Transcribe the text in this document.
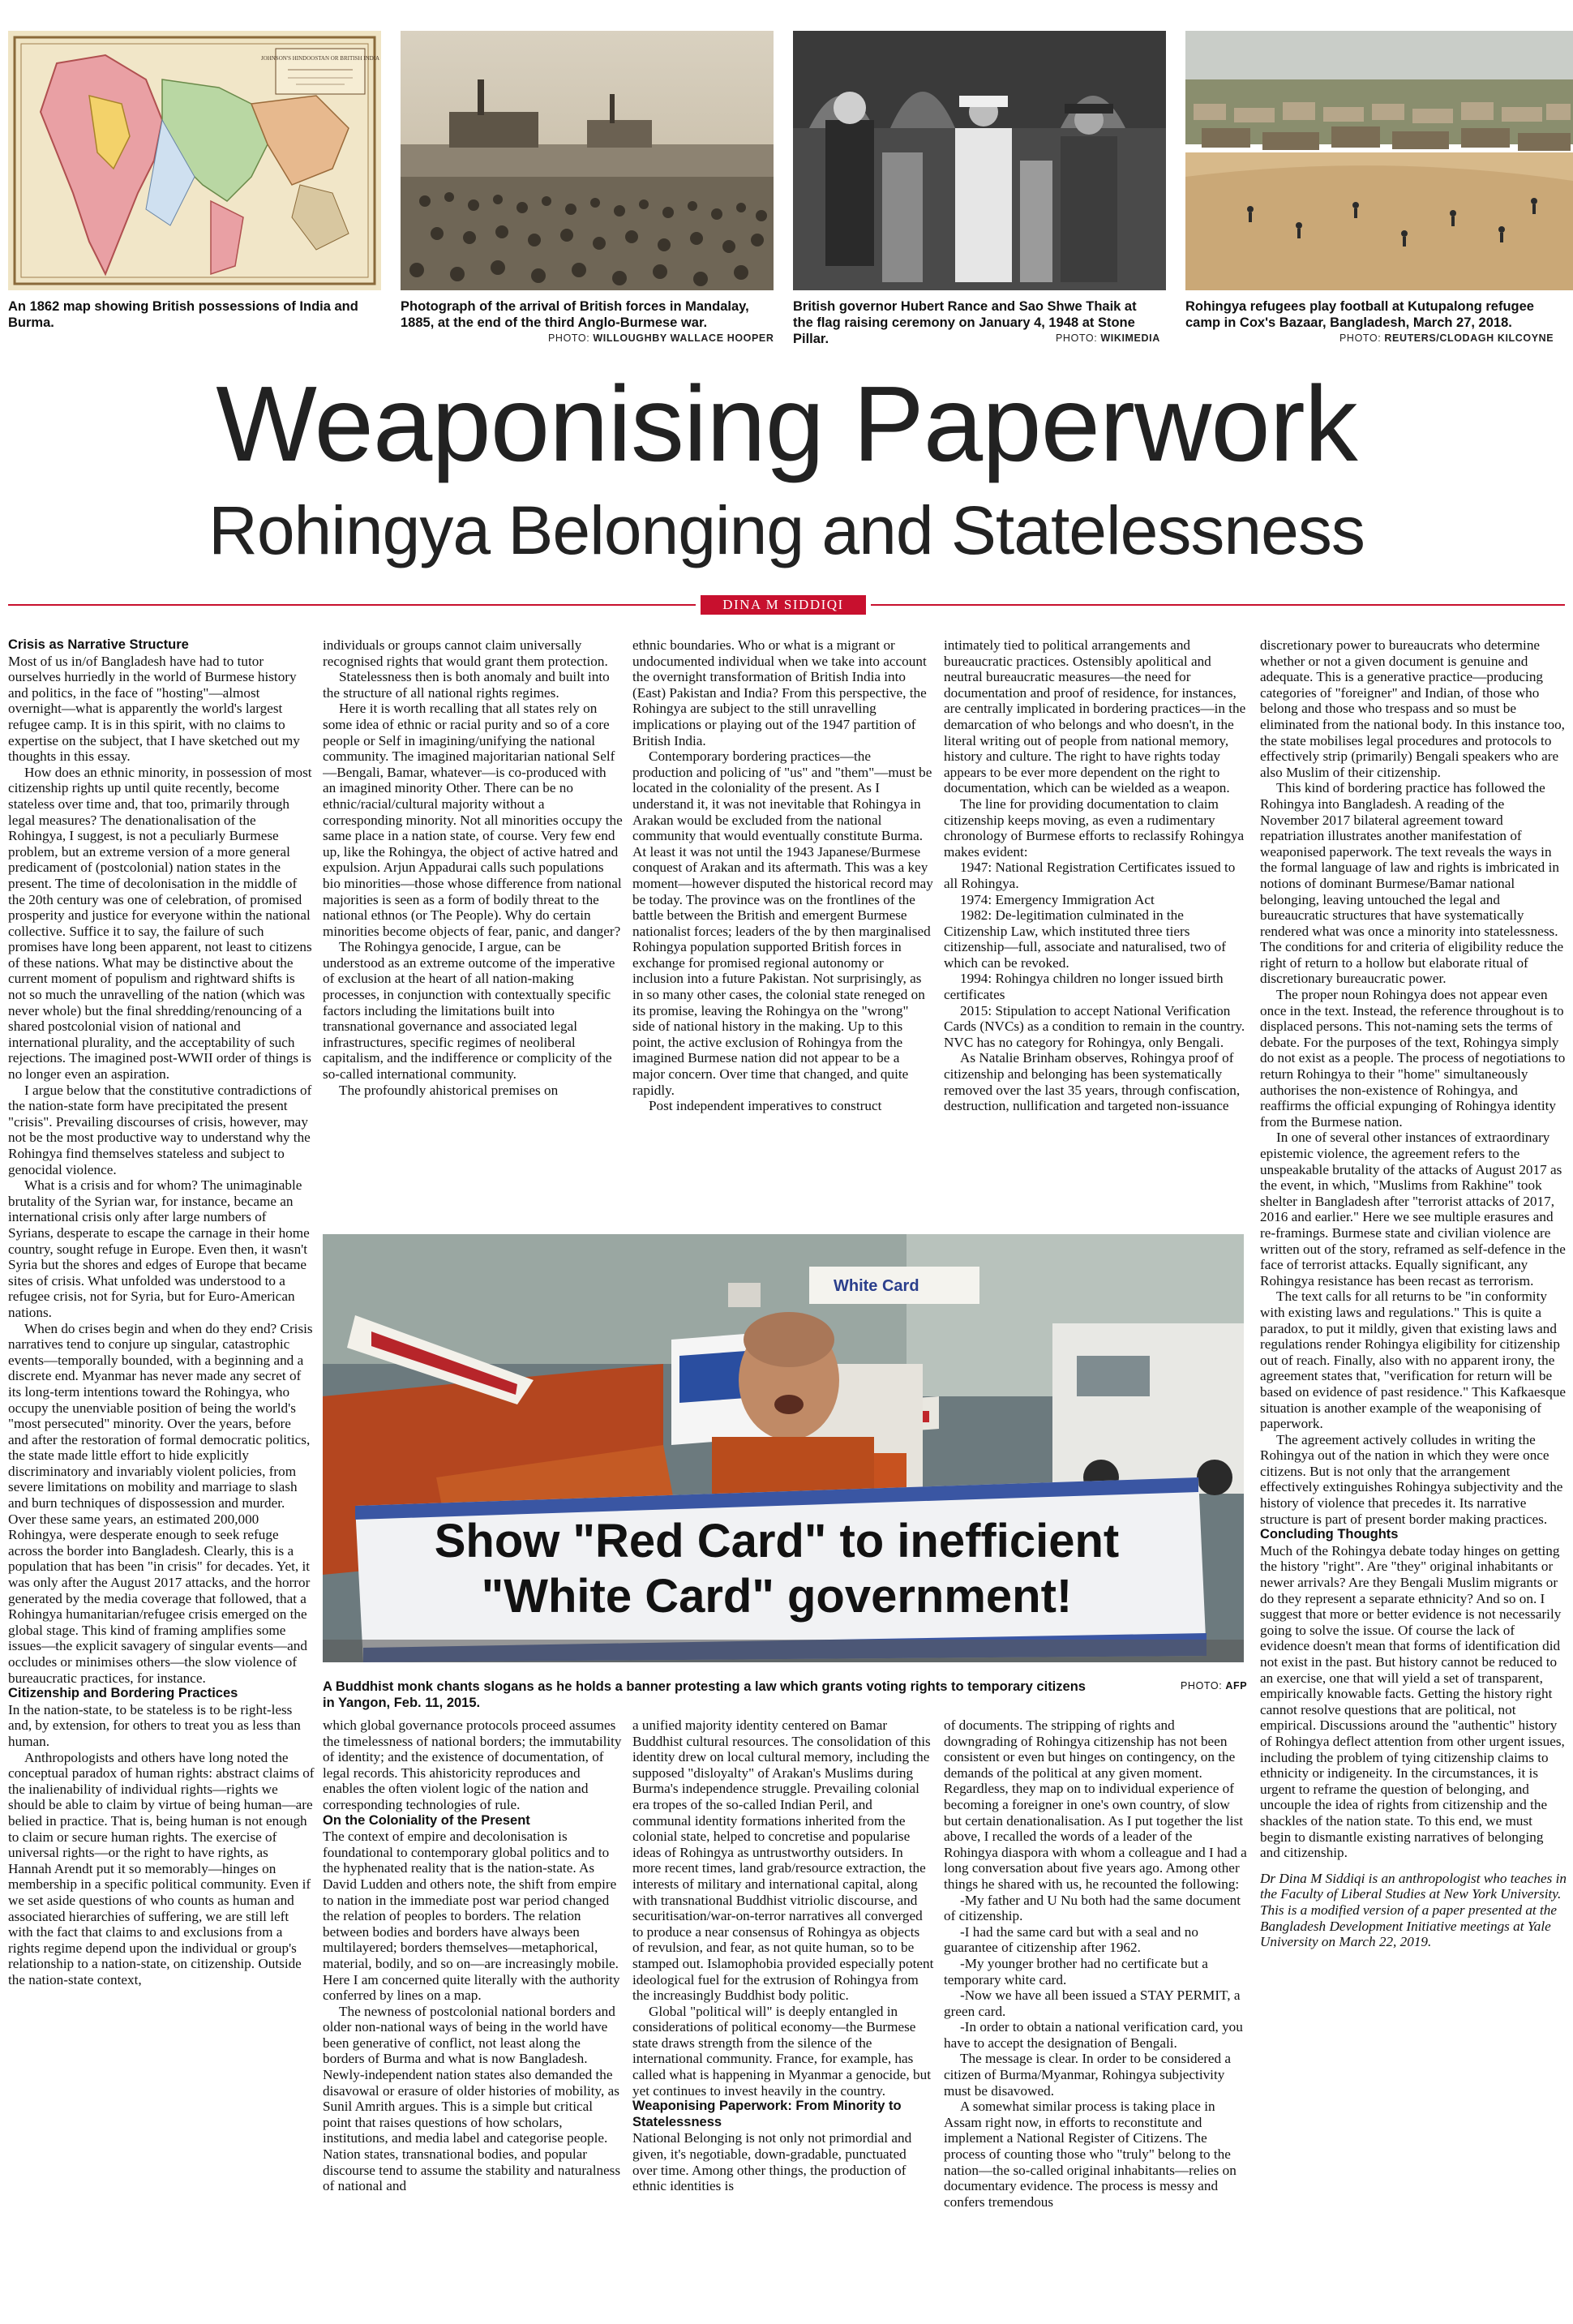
JOHNSON'S HINDOOSTAN OR BRITISH INDIA
An 1862 map showing British possessions of India and Burma.
Photograph of the arrival of British forces in Mandalay, 1885, at the end of the third Anglo-Burmese war.
PHOTO: WILLOUGHBY WALLACE HOOPER
British governor Hubert Rance and Sao Shwe Thaik at the flag raising ceremony on January 4, 1948 at Stone Pillar.	PHOTO: WIKIMEDIA
Rohingya refugees play football at Kutupalong refugee camp in Cox's Bazaar, Bangladesh, March 27, 2018.
PHOTO: REUTERS/CLODAGH KILCOYNE
Weaponising Paperwork
Rohingya Belonging and Statelessness
DINA M SIDDIQI
Crisis as Narrative Structure

Most of us in/of Bangladesh have had to tutor ourselves hurriedly in the world of Burmese history and politics, in the face of "hosting"—almost overnight—what is apparently the world's largest refugee camp. It is in this spirit, with no claims to expertise on the subject, that I have sketched out my thoughts in this essay.

How does an ethnic minority, in possession of most citizenship rights up until quite recently, become stateless over time and, that too, primarily through legal measures? The denationalisation of the Rohingya, I suggest, is not a peculiarly Burmese problem, but an extreme version of a more general predicament of (postcolonial) nation states in the present. The time of decolonisation in the middle of the 20th century was one of celebration, of promised prosperity and justice for everyone within the national collective. Suffice it to say, the failure of such promises have long been apparent, not least to citizens of these nations. What may be distinctive about the current moment of populism and rightward shifts is not so much the unravelling of the nation (which was never whole) but the final shredding/renouncing of a shared postcolonial vision of national and international plurality, and the acceptability of such rejections. The imagined post-WWII order of things is no longer even an aspiration.

I argue below that the constitutive contradictions of the nation-state form have precipitated the present "crisis". Prevailing discourses of crisis, however, may not be the most productive way to understand why the Rohingya find themselves stateless and subject to genocidal violence.

What is a crisis and for whom? The unimaginable brutality of the Syrian war, for instance, became an international crisis only after large numbers of Syrians, desperate to escape the carnage in their home country, sought refuge in Europe. Even then, it wasn't Syria but the shores and edges of Europe that became sites of crisis. What unfolded was understood to a refugee crisis, not for Syria, but for Euro-American nations.

When do crises begin and when do they end? Crisis narratives tend to conjure up singular, catastrophic events—temporally bounded, with a beginning and a discrete end. Myanmar has never made any secret of its long-term intentions toward the Rohingya, who occupy the unenviable position of being the world's "most persecuted" minority. Over the years, before and after the restoration of formal democratic politics, the state made little effort to hide explicitly discriminatory and invariably violent policies, from severe limitations on mobility and marriage to slash and burn techniques of dispossession and murder. Over these same years, an estimated 200,000 Rohingya, were desperate enough to seek refuge across the border into Bangladesh. Clearly, this is a population that has been "in crisis" for decades. Yet, it was only after the August 2017 attacks, and the horror generated by the media coverage that followed, that a Rohingya humanitarian/refugee crisis emerged on the global stage. This kind of framing amplifies some issues—the explicit savagery of singular events—and occludes or minimises others—the slow violence of bureaucratic practices, for instance.

Citizenship and Bordering Practices

In the nation-state, to be stateless is to be right-less and, by extension, for others to treat you as less than human.

Anthropologists and others have long noted the conceptual paradox of human rights: abstract claims of the inalienability of individual rights—rights we should be able to claim by virtue of being human—are belied in practice. That is, being human is not enough to claim or secure human rights. The exercise of universal rights—or the right to have rights, as Hannah Arendt put it so memorably—hinges on membership in a specific political community. Even if we set aside questions of who counts as human and associated hierarchies of suffering, we are still left with the fact that claims to and exclusions from a rights regime depend upon the individual or group's relationship to a nation-state, on citizenship. Outside the nation-state context,

individuals or groups cannot claim universally recognised rights that would grant them protection.

Statelessness then is both anomaly and built into the structure of all national rights regimes.

Here it is worth recalling that all states rely on some idea of ethnic or racial purity and so of a core people or Self in imagining/unifying the national community. The imagined majoritarian national Self—Bengali, Bamar, whatever—is co-produced with an imagined minority Other. There can be no ethnic/racial/cultural majority without a corresponding minority. Not all minorities occupy the same place in a nation state, of course. Very few end up, like the Rohingya, the object of active hatred and expulsion. Arjun Appadurai calls such populations bio minorities—those whose difference from national majorities is seen as a form of bodily threat to the national ethnos (or The People). Why do certain minorities become objects of fear, panic, and danger?

The Rohingya genocide, I argue, can be understood as an extreme outcome of the imperative of exclusion at the heart of all nation-making processes, in conjunction with contextually specific factors including the limitations built into transnational governance and associated legal infrastructures, specific regimes of neoliberal capitalism, and the indifference or complicity of the so-called international community.

The profoundly ahistorical premises on

ethnic boundaries. Who or what is a migrant or undocumented individual when we take into account the overnight transformation of British India into (East) Pakistan and India? From this perspective, the Rohingya are subject to the still unravelling implications or playing out of the 1947 partition of British India.

Contemporary bordering practices—the production and policing of "us" and "them"—must be located in the coloniality of the present. As I understand it, it was not inevitable that Rohingya in Arakan would be excluded from the national community that would eventually constitute Burma. At least it was not until the 1943 Japanese/Burmese conquest of Arakan and its aftermath. This was a key moment—however disputed the historical record may be today. The province was on the frontlines of the battle between the British and emergent Burmese nationalist forces; leaders of the by then marginalised Rohingya population supported British forces in exchange for promised regional autonomy or inclusion into a future Pakistan. Not surprisingly, as in so many other cases, the colonial state reneged on its promise, leaving the Rohingya on the "wrong" side of national history in the making. Up to this point, the active exclusion of Rohingya from the imagined Burmese nation did not appear to be a major concern. Over time that changed, and quite rapidly.

Post independent imperatives to construct

intimately tied to political arrangements and bureaucratic practices. Ostensibly apolitical and neutral bureaucratic measures—the need for documentation and proof of residence, for instances, are centrally implicated in bordering practices—in the demarcation of who belongs and who doesn't, in the literal writing out of people from national memory, history and culture. The right to have rights today appears to be ever more dependent on the right to documentation, which can be wielded as a weapon.

The line for providing documentation to claim citizenship keeps moving, as even a rudimentary chronology of Burmese efforts to reclassify Rohingya makes evident:

1947: National Registration Certificates issued to all Rohingya.

1974: Emergency Immigration Act

1982: De-legitimation culminated in the Citizenship Law, which instituted three tiers citizenship—full, associate and naturalised, two of which can be revoked.

1994: Rohingya children no longer issued birth certificates

2015: Stipulation to accept National Verification Cards (NVCs) as a condition to remain in the country. NVC has no category for Rohingya, only Bengali.

As Natalie Brinham observes, Rohingya proof of citizenship and belonging has been systematically removed over the last 35 years, through confiscation, destruction, nullification and targeted non-issuance

discretionary power to bureaucrats who determine whether or not a given document is genuine and adequate. This is a generative practice—producing categories of "foreigner" and Indian, of those who belong and those who trespass and so must be eliminated from the national body. In this instance too, the state mobilises legal procedures and protocols to effectively strip (primarily) Bengali speakers who are also Muslim of their citizenship.

This kind of bordering practice has followed the Rohingya into Bangladesh. A reading of the November 2017 bilateral agreement toward repatriation illustrates another manifestation of weaponised paperwork. The text reveals the ways in the formal language of law and rights is imbricated in notions of dominant Burmese/Bamar national belonging, leaving untouched the legal and bureaucratic structures that have systematically rendered what was once a minority into statelessness. The conditions for and criteria of eligibility reduce the right of return to a hollow but elaborate ritual of discretionary bureaucratic power.

The proper noun Rohingya does not appear even once in the text. Instead, the reference throughout is to displaced persons. This not-naming sets the terms of debate. For the purposes of the text, Rohingya simply do not exist as a people. The process of negotiations to return Rohingya to their "home" simultaneously authorises the non-existence of Rohingya, and reaffirms the official expunging of Rohingya identity from the Burmese nation.

In one of several other instances of extraordinary epistemic violence, the agreement refers to the unspeakable brutality of the attacks of August 2017 as the event, in which, "Muslims from Rakhine" took shelter in Bangladesh after "terrorist attacks of 2017, 2016 and earlier." Here we see multiple erasures and re-framings. Burmese state and civilian violence are written out of the story, reframed as self-defence in the face of terrorist attacks. Equally significant, any Rohingya resistance has been recast as terrorism.

The text calls for all returns to be "in conformity with existing laws and regulations." This is quite a paradox, to put it mildly, given that existing laws and regulations render Rohingya eligibility for citizenship out of reach. Finally, also with no apparent irony, the agreement states that, "verification for return will be based on evidence of past residence." This Kafkaesque situation is another example of the weaponising of paperwork.

The agreement actively colludes in writing the Rohingya out of the nation in which they were once citizens. But is not only that the arrangement effectively extinguishes Rohingya subjectivity and the history of violence that precedes it. Its narrative structure is part of present border making practices.

Concluding Thoughts

Much of the Rohingya debate today hinges on getting the history "right". Are "they" original inhabitants or newer arrivals? Are they Bengali Muslim migrants or do they represent a separate ethnicity? And so on. I suggest that more or better evidence is not necessarily going to solve the issue. Of course the lack of evidence doesn't mean that forms of identification did not exist in the past. But history cannot be reduced to an exercise, one that will yield a set of transparent, empirically knowable facts. Getting the history right cannot resolve questions that are political, not empirical. Discussions around the "authentic" history of Rohingya deflect attention from other urgent issues, including the problem of tying citizenship claims to ethnicity or indigeneity. In the circumstances, it is urgent to reframe the question of belonging, and uncouple the idea of rights from citizenship and the shackles of the nation state. To this end, we must begin to dismantle existing narratives of belonging and citizenship.

Dr Dina M Siddiqi is an anthropologist who teaches in the Faculty of Liberal Studies at New York University. This is a modified version of a paper presented at the Bangladesh Development Initiative meetings at Yale University on March 22, 2019.

White Card
Show "Red Card" to inefficient
"White Card" government!
A Buddhist monk chants slogans as he holds a banner protesting a law which grants voting rights to temporary citizens in Yangon, Feb. 11, 2015.
PHOTO: AFP

which global governance protocols proceed assumes the timelessness of national borders; the immutability of identity; and the existence of documentation, of legal records. This ahistoricity reproduces and enables the often violent logic of the nation and corresponding technologies of rule.

On the Coloniality of the Present

The context of empire and decolonisation is foundational to contemporary global politics and to the hyphenated reality that is the nation-state. As David Ludden and others note, the shift from empire to nation in the immediate post war period changed the relation of peoples to borders. The relation between bodies and borders have always been multilayered; borders themselves—metaphorical, material, bodily, and so on—are increasingly mobile. Here I am concerned quite literally with the authority conferred by lines on a map.

The newness of postcolonial national borders and older non-national ways of being in the world have been generative of conflict, not least along the borders of Burma and what is now Bangladesh. Newly-independent nation states also demanded the disavowal or erasure of older histories of mobility, as Sunil Amrith argues. This is a simple but critical point that raises questions of how scholars, institutions, and media label and categorise people. Nation states, transnational bodies, and popular discourse tend to assume the stability and naturalness of national and

a unified majority identity centered on Bamar Buddhist cultural resources. The consolidation of this identity drew on local cultural memory, including the supposed "disloyalty" of Arakan's Muslims during Burma's independence struggle. Prevailing colonial era tropes of the so-called Indian Peril, and communal identity formations inherited from the colonial state, helped to concretise and popularise ideas of Rohingya as untrustworthy outsiders. In more recent times, land grab/resource extraction, the interests of military and international capital, along with transnational Buddhist vitriolic discourse, and securitisation/war-on-terror narratives all converged to produce a near consensus of Rohingya as objects of revulsion, and fear, as not quite human, so to be stamped out. Islamophobia provided especially potent ideological fuel for the extrusion of Rohingya from the increasingly Buddhist body politic.

Global "political will" is deeply entangled in considerations of political economy—the Burmese state draws strength from the silence of the international community. France, for example, has called what is happening in Myanmar a genocide, but yet continues to invest heavily in the country.

Weaponising Paperwork: From Minority to Statelessness

National Belonging is not only not primordial and given, it's negotiable, down-gradable, punctuated over time. Among other things, the production of ethnic identities is

of documents. The stripping of rights and downgrading of Rohingya citizenship has not been consistent or even but hinges on contingency, on the demands of the political at any given moment. Regardless, they map on to individual experience of becoming a foreigner in one's own country, of slow but certain denationalisation. As I put together the list above, I recalled the words of a leader of the Rohingya diaspora with whom a colleague and I had a long conversation about five years ago. Among other things he shared with us, he recounted the following:

-My father and U Nu both had the same document of citizenship.

-I had the same card but with a seal and no guarantee of citizenship after 1962.

-My younger brother had no certificate but a temporary white card.

-Now we have all been issued a STAY PERMIT, a green card.

-In order to obtain a national verification card, you have to accept the designation of Bengali.

The message is clear. In order to be considered a citizen of Burma/Myanmar, Rohingya subjectivity must be disavowed.

A somewhat similar process is taking place in Assam right now, in efforts to reconstitute and implement a National Register of Citizens. The process of counting those who "truly" belong to the nation—the so-called original inhabitants—relies on documentary evidence. The process is messy and confers tremendous
